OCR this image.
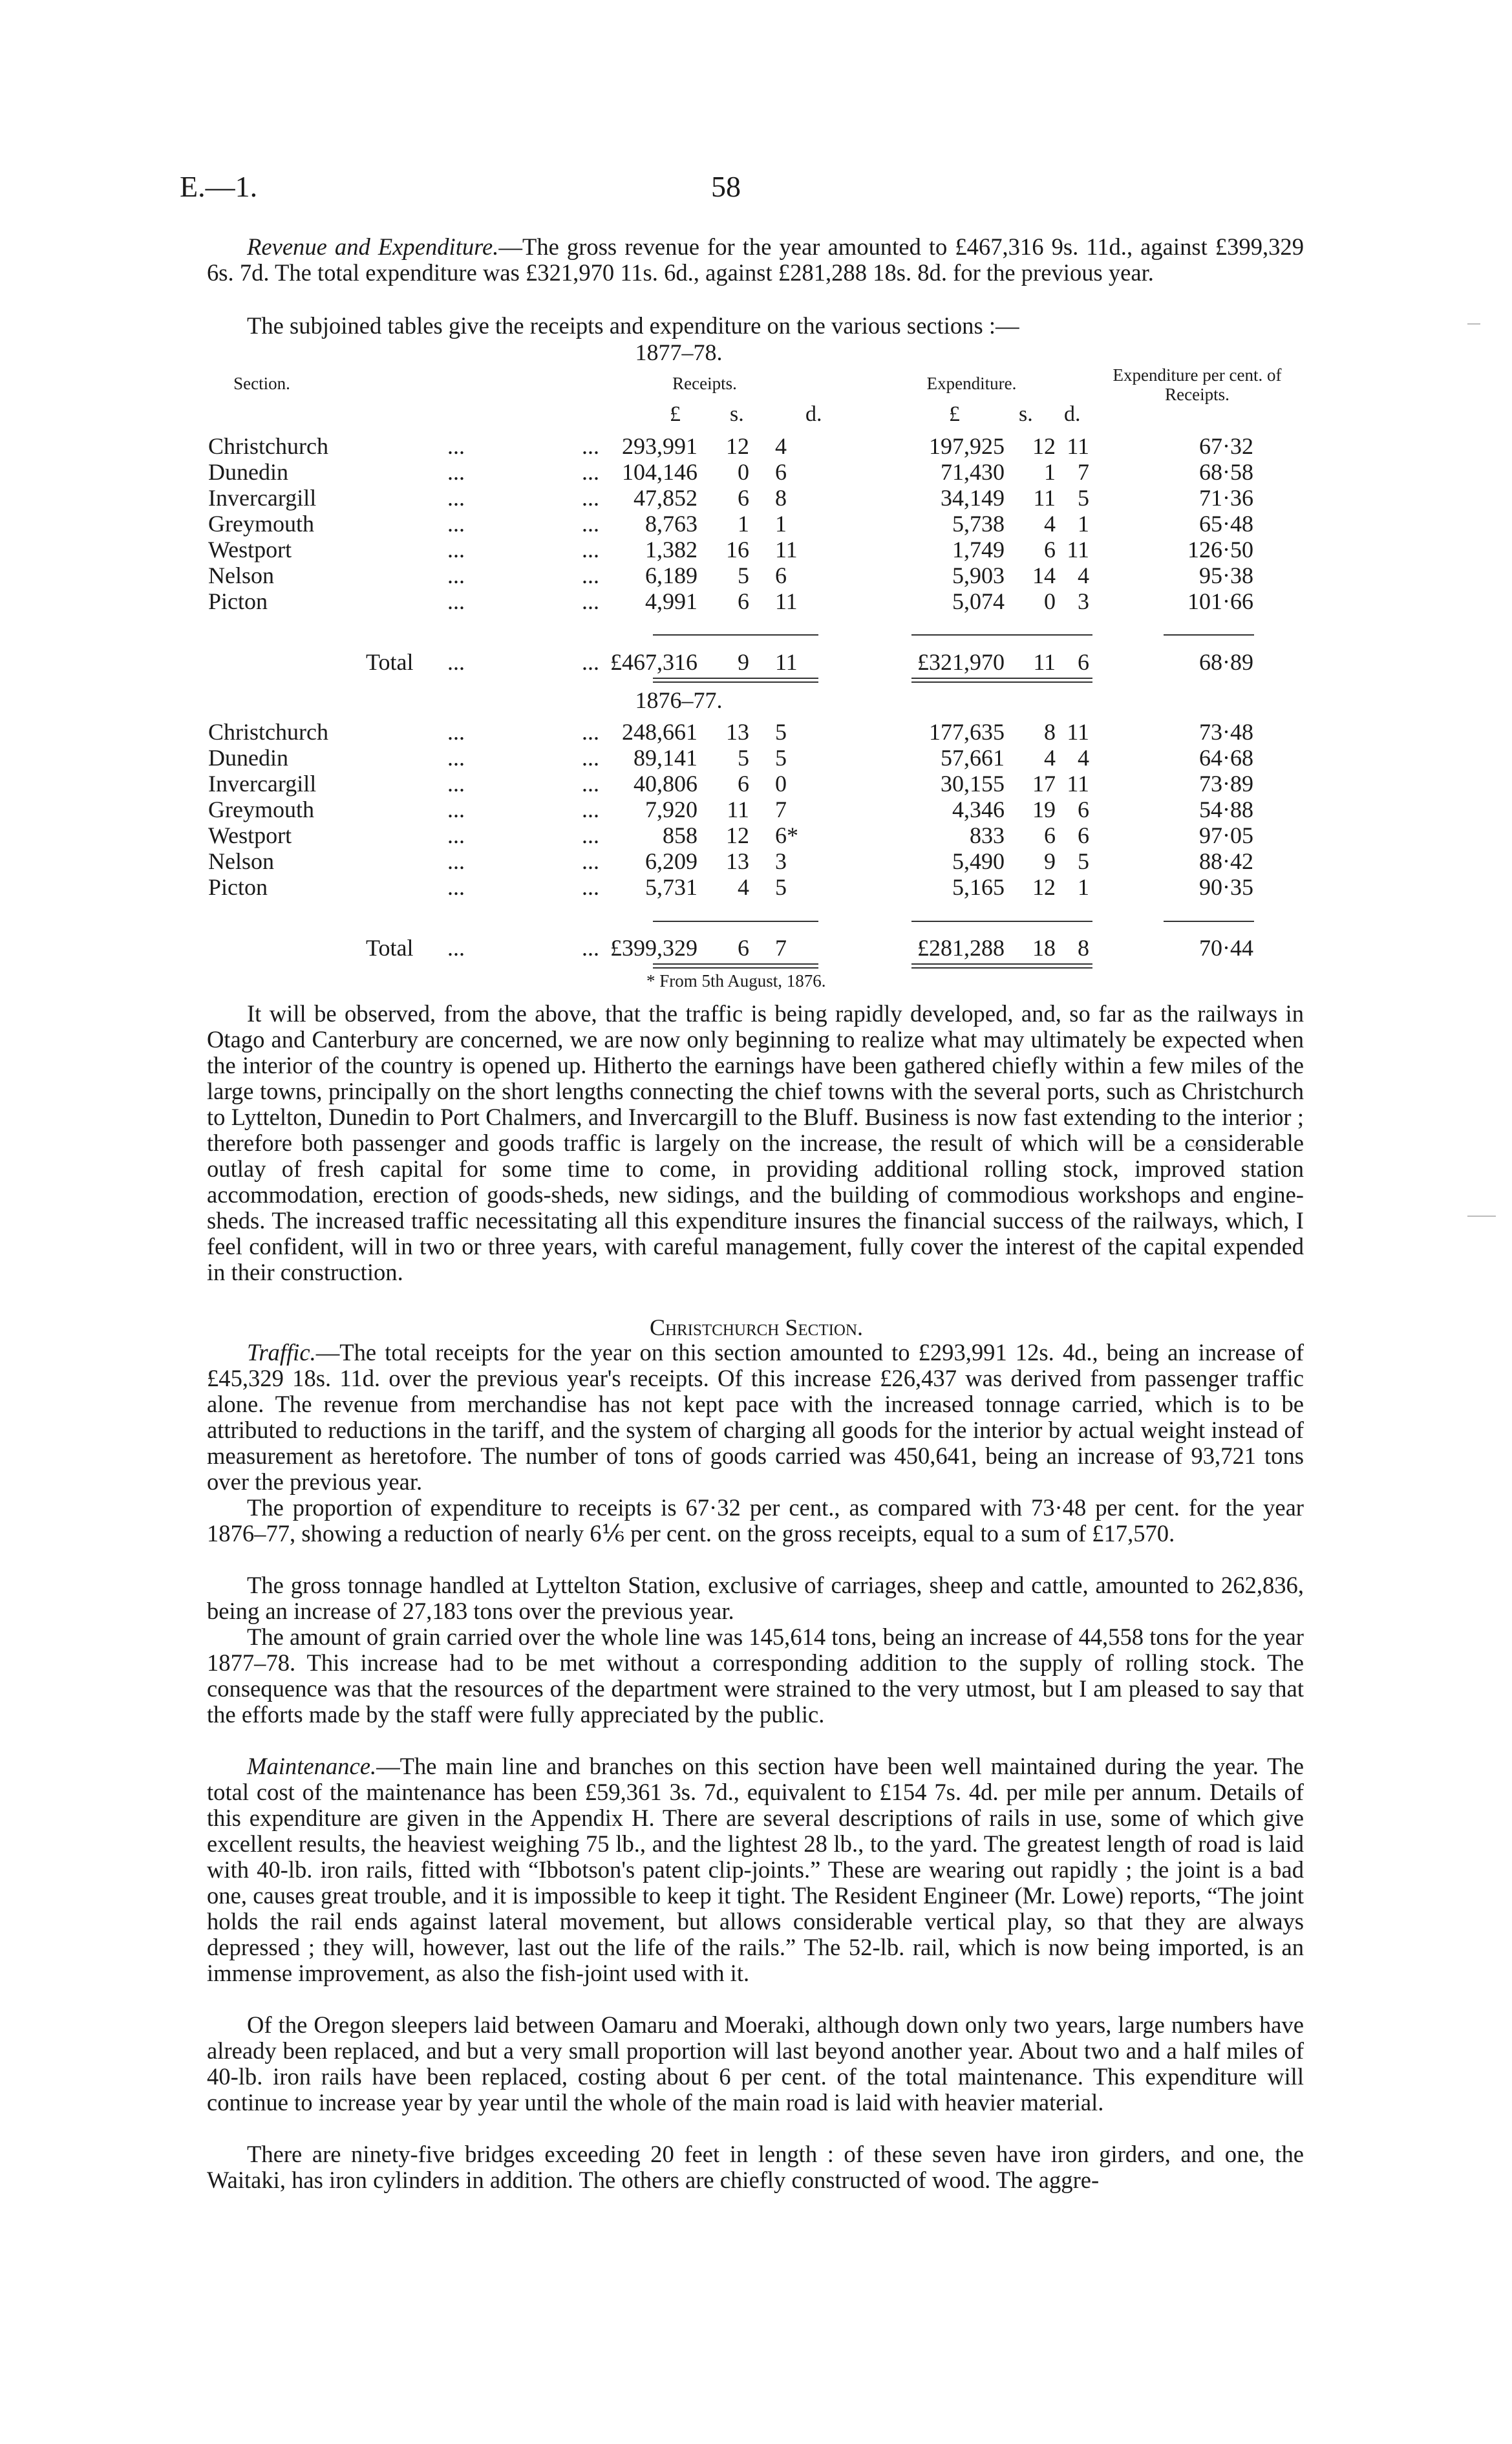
E.—1.	58
Revenue and Expenditure.—The gross revenue for the year amounted to £467,316 9s. 11d., against £399,329 6s. 7d. The total expenditure was £321,970 11s. 6d., against £281,288 18s. 8d. for the previous year.
The subjoined tables give the receipts and expenditure on the various sections :—
1877–78.
Section.	Receipts.	Expenditure.	Expenditure per cent. of Receipts.
£ s.	d.	£	s. d.
Christchurch	...	... 293,991	12 4	197,925	12 11	67·32
Dunedin	...	... 104,146	0 6	71,430	1 7	68·58
Invercargill	...	... 47,852	6 8	34,149	11 5	71·36
Greymouth	...	... 8,763	1 1	5,738	4 1	65·48
Westport	...	... 1,382	16 11	1,749	6 11	126·50
Nelson	...	... 6,189	5 6	5,903	14 4	95·38
Picton	...	... 4,991	6 11	5,074	0 3	101·66
Total ...	... £467,316	9 11	£321,970	11 6	68·89
1876–77.
Christchurch	...	... 248,661	13 5	177,635	8 11	73·48
Dunedin	...	... 89,141	5 5	57,661	4 4	64·68
Invercargill	...	... 40,806	6 0	30,155	17 11	73·89
Greymouth	...	... 7,920	11 7	4,346	19 6	54·88
Westport	...	...	858	12 6*	833	6 6	97·05
Nelson	...	... 6,209	13 3	5,490	9 5	88·42
Picton	...	... 5,731	4 5	5,165	12 1	90·35
Total ...	... £399,329	6 7	£281,288	18 8	70·44
* From 5th August, 1876.
It will be observed, from the above, that the traffic is being rapidly developed, and, so far as the railways in Otago and Canterbury are concerned, we are now only beginning to realize what may ultimately be expected when the interior of the country is opened up. Hitherto the earnings have been gathered chiefly within a few miles of the large towns, principally on the short lengths connecting the chief towns with the several ports, such as Christchurch to Lyttelton, Dunedin to Port Chalmers, and Invercargill to the Bluff. Business is now fast extending to the interior ; therefore both passenger and goods traffic is largely on the increase, the result of which will be a considerable outlay of fresh capital for some time to come, in providing additional rolling stock, improved station accommodation, erection of goods-sheds, new sidings, and the building of commodious workshops and engine-sheds. The increased traffic necessitating all this expenditure insures the financial success of the railways, which, I feel confident, will in two or three years, with careful management, fully cover the interest of the capital expended in their construction.
Christchurch Section.
Traffic.—The total receipts for the year on this section amounted to £293,991 12s. 4d., being an increase of £45,329 18s. 11d. over the previous year's receipts. Of this increase £26,437 was derived from passenger traffic alone. The revenue from merchandise has not kept pace with the increased tonnage carried, which is to be attributed to reductions in the tariff, and the system of charging all goods for the interior by actual weight instead of measurement as heretofore. The number of tons of goods carried was 450,641, being an increase of 93,721 tons over the previous year.
The proportion of expenditure to receipts is 67·32 per cent., as compared with 73·48 per cent. for the year 1876–77, showing a reduction of nearly 6⅙ per cent. on the gross receipts, equal to a sum of £17,570.
The gross tonnage handled at Lyttelton Station, exclusive of carriages, sheep and cattle, amounted to 262,836, being an increase of 27,183 tons over the previous year.
The amount of grain carried over the whole line was 145,614 tons, being an increase of 44,558 tons for the year 1877–78. This increase had to be met without a corresponding addition to the supply of rolling stock. The consequence was that the resources of the department were strained to the very utmost, but I am pleased to say that the efforts made by the staff were fully appreciated by the public.
Maintenance.—The main line and branches on this section have been well maintained during the year. The total cost of the maintenance has been £59,361 3s. 7d., equivalent to £154 7s. 4d. per mile per annum. Details of this expenditure are given in the Appendix H. There are several descriptions of rails in use, some of which give excellent results, the heaviest weighing 75 lb., and the lightest 28 lb., to the yard. The greatest length of road is laid with 40-lb. iron rails, fitted with “Ibbotson's patent clip-joints.” These are wearing out rapidly ; the joint is a bad one, causes great trouble, and it is impossible to keep it tight. The Resident Engineer (Mr. Lowe) reports, “The joint holds the rail ends against lateral movement, but allows considerable vertical play, so that they are always depressed ; they will, however, last out the life of the rails.” The 52-lb. rail, which is now being imported, is an immense improvement, as also the fish-joint used with it.
Of the Oregon sleepers laid between Oamaru and Moeraki, although down only two years, large numbers have already been replaced, and but a very small proportion will last beyond another year. About two and a half miles of 40-lb. iron rails have been replaced, costing about 6 per cent. of the total maintenance. This expenditure will continue to increase year by year until the whole of the main road is laid with heavier material.
There are ninety-five bridges exceeding 20 feet in length : of these seven have iron girders, and one, the Waitaki, has iron cylinders in addition. The others are chiefly constructed of wood. The aggre-
